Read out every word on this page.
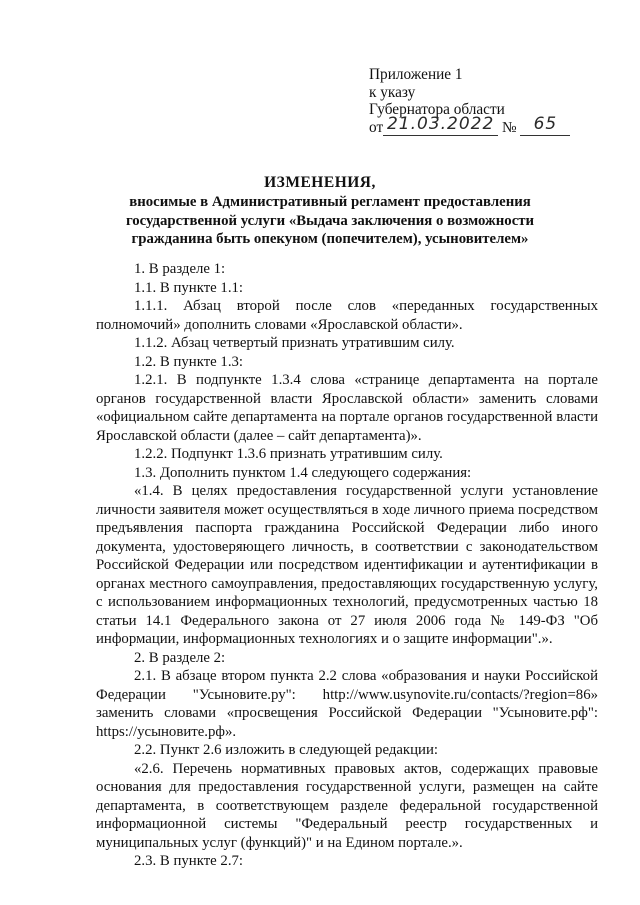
Приложение 1
к указу
Губернатора области
от 21.03.2022 № 65
ИЗМЕНЕНИЯ,
вносимые в Административный регламент предоставления государственной услуги «Выдача заключения о возможности гражданина быть опекуном (попечителем), усыновителем»

1. В разделе 1:

1.1. В пункте 1.1:

1.1.1. Абзац второй после слов «переданных государственных полномочий» дополнить словами «Ярославской области».

1.1.2. Абзац четвертый признать утратившим силу.

1.2. В пункте 1.3:

1.2.1. В подпункте 1.3.4 слова «странице департамента на портале органов государственной власти Ярославской области» заменить словами «официальном сайте департамента на портале органов государственной власти Ярославской области (далее – сайт департамента)».

1.2.2. Подпункт 1.3.6 признать утратившим силу.

1.3. Дополнить пунктом 1.4 следующего содержания:

«1.4. В целях предоставления государственной услуги установление личности заявителя может осуществляться в ходе личного приема посредством предъявления паспорта гражданина Российской Федерации либо иного документа, удостоверяющего личность, в соответствии с законодательством Российской Федерации или посредством идентификации и аутентификации в органах местного самоуправления, предоставляющих государственную услугу, с использованием информационных технологий, предусмотренных частью 18 статьи 14.1 Федерального закона от 27 июля 2006 года № 149-ФЗ "Об информации, информационных технологиях и о защите информации".».

2. В разделе 2:

2.1. В абзаце втором пункта 2.2 слова «образования и науки Российской Федерации "Усыновите.ру": http://www.usynovite.ru/contacts/?region=86» заменить словами «просвещения Российской Федерации "Усыновите.рф": https://усыновите.рф».

2.2. Пункт 2.6 изложить в следующей редакции:

«2.6. Перечень нормативных правовых актов, содержащих правовые основания для предоставления государственной услуги, размещен на сайте департамента, в соответствующем разделе федеральной государственной информационной системы "Федеральный реестр государственных и муниципальных услуг (функций)" и на Едином портале.».

2.3. В пункте 2.7:
